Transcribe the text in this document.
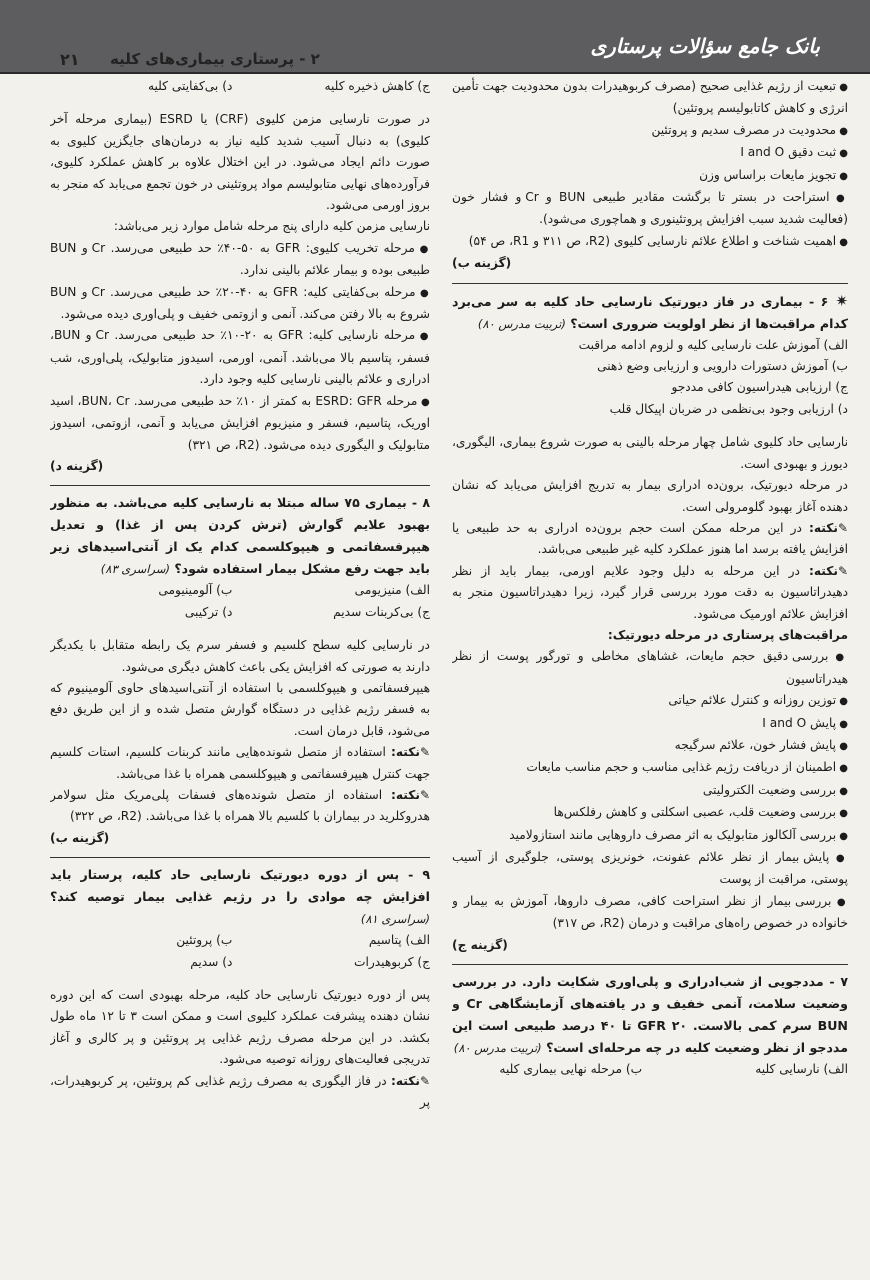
بانک جامع سؤالات پرستاری
۲ - پرستاری بیماری‌های کلیه
۲۱

● تبعیت از رژیم غذایی صحیح (مصرف کربوهیدرات بدون محدودیت جهت تأمین انرژی و کاهش کاتابولیسم پروتئین)

● محدودیت در مصرف سدیم و پروتئین

● ثبت دقیق I and O

● تجویز مایعات براساس وزن

● استراحت در بستر تا برگشت مقادیر طبیعی BUN و Cr و فشار خون (فعالیت شدید سبب افزایش پروتئینوری و هماچوری می‌شود).

● اهمیت شناخت و اطلاع علائم نارسایی کلیوی (R2، ص ۳۱۱ و R1، ص ۵۴)

(گزینه ب)

✷ ۶ - بیماری در فاز دیورتیک نارسایی حاد کلیه به سر می‌برد کدام مراقبت‌ها از نظر اولویت ضروری است؟ (تربیت مدرس ۸۰)

الف) آموزش علت نارسایی کلیه و لزوم ادامه مراقبت

ب) آموزش دستورات دارویی و ارزیابی وضع ذهنی

ج) ارزیابی هیدراسیون کافی مددجو

د) ارزیابی وجود بی‌نظمی در ضربان اپیکال قلب

نارسایی حاد کلیوی شامل چهار مرحله بالینی به صورت شروع بیماری، الیگوری، دیورز و بهبودی است.

در مرحله دیورتیک، برون‌ده ادراری بیمار به تدریج افزایش می‌یابد که نشان دهنده آغاز بهبود گلومرولی است.

✎نکته: در این مرحله ممکن است حجم برون‌ده ادراری به حد طبیعی یا افزایش یافته برسد اما هنوز عملکرد کلیه غیر طبیعی می‌باشد.

✎نکته: در این مرحله به دلیل وجود علایم اورمی، بیمار باید از نظر دهیدراتاسیون به دقت مورد بررسی قرار گیرد، زیرا دهیدراتاسیون منجر به افزایش علائم اورمیک می‌شود.

مراقبت‌های پرستاری در مرحله دیورتیک:

● بررسی دقیق حجم مایعات، غشاهای مخاطی و تورگور پوست از نظر هیدراتاسیون

● توزین روزانه و کنترل علائم حیاتی

● پایش I and O

● پایش فشار خون، علائم سرگیجه

● اطمینان از دریافت رژیم غذایی مناسب و حجم مناسب مایعات

● بررسی وضعیت الکترولیتی

● بررسی وضعیت قلب، عصبی اسکلتی و کاهش رفلکس‌ها

● بررسی آلکالوز متابولیک به اثر مصرف داروهایی مانند استازولامید

● پایش بیمار از نظر علائم عفونت، خونریزی پوستی، جلوگیری از آسیب پوستی، مراقبت از پوست

● بررسی بیمار از نظر استراحت کافی، مصرف داروها، آموزش به بیمار و خانواده در خصوص راه‌های مراقبت و درمان (R2، ص ۳۱۷)

(گزینه ج)

۷ - مددجویی از شب‌ادراری و پلی‌اوری شکایت دارد. در بررسی وضعیت سلامت، آنمی خفیف و در یافته‌های آزمایشگاهی Cr و BUN سرم کمی بالاست. GFR ۲۰ تا ۴۰ درصد طبیعی است این مددجو از نظر وضعیت کلیه در چه مرحله‌ای است؟ (تربیت مدرس ۸۰)

الف) نارسایی کلیه
ب) مرحله نهایی بیماری کلیه
ج) کاهش ذخیره کلیه
د) بی‌کفایتی کلیه

در صورت نارسایی مزمن کلیوی (CRF) یا ESRD (بیماری مرحله آخر کلیوی) به دنبال آسیب شدید کلیه نیاز به درمان‌های جایگزین کلیوی به صورت دائم ایجاد می‌شود. در این اختلال علاوه بر کاهش عملکرد کلیوی، فرآورده‌های نهایی متابولیسم مواد پروتئینی در خون تجمع می‌یابد که منجر به بروز اورمی می‌شود.

نارسایی مزمن کلیه دارای پنج مرحله شامل موارد زیر می‌باشد:

● مرحله تخریب کلیوی: GFR به ۵۰-۴۰٪ حد طبیعی می‌رسد. Cr و BUN طبیعی بوده و بیمار علائم بالینی ندارد.

● مرحله بی‌کفایتی کلیه: GFR به ۴۰-۲۰٪ حد طبیعی می‌رسد. Cr و BUN شروع به بالا رفتن می‌کند. آنمی و ازوتمی خفیف و پلی‌اوری دیده می‌شود.

● مرحله نارسایی کلیه: GFR به ۲۰-۱۰٪ حد طبیعی می‌رسد. Cr و BUN، فسفر، پتاسیم بالا می‌باشد. آنمی، اورمی، اسیدوز متابولیک، پلی‌اوری، شب ادراری و علائم بالینی نارسایی کلیه وجود دارد.

● مرحله ESRD: GFR به کمتر از ۱۰٪ حد طبیعی می‌رسد. BUN، Cr، اسید اوریک، پتاسیم، فسفر و منیزیوم افزایش می‌یابد و آنمی، ازوتمی، اسیدوز متابولیک و الیگوری دیده می‌شود. (R2، ص ۳۲۱)

(گزینه د)

۸ - بیماری ۷۵ ساله مبتلا به نارسایی کلیه می‌باشد. به منظور بهبود علایم گوارش (ترش کردن پس از غذا) و تعدیل هیپرفسفاتمی و هیپوکلسمی کدام یک از آنتی‌اسیدهای زیر باید جهت رفع مشکل بیمار استفاده شود؟ (سراسری ۸۳)

الف) منیزیومی
ب) آلومینیومی
ج) بی‌کربنات سدیم
د) ترکیبی

در نارسایی کلیه سطح کلسیم و فسفر سرم یک رابطه متقابل با یکدیگر دارند به صورتی که افزایش یکی باعث کاهش دیگری می‌شود.

هیپرفسفاتمی و هیپوکلسمی با استفاده از آنتی‌اسیدهای حاوی آلومینیوم که به فسفر رژیم غذایی در دستگاه گوارش متصل شده و از این طریق دفع می‌شود، قابل درمان است.

✎نکته: استفاده از متصل شونده‌هایی مانند کربنات کلسیم، استات کلسیم جهت کنترل هیپرفسفاتمی و هیپوکلسمی همراه با غذا می‌باشد.

✎نکته: استفاده از متصل شونده‌های فسفات پلی‌مریک مثل سولامر هدروکلرید در بیماران با کلسیم بالا همراه با غذا می‌باشد. (R2، ص ۳۲۲)

(گزینه ب)

۹ - پس از دوره دیورتیک نارسایی حاد کلیه، پرستار باید افزایش چه موادی را در رژیم غذایی بیمار توصیه کند؟ (سراسری ۸۱)

الف) پتاسیم
ب) پروتئین
ج) کربوهیدرات
د) سدیم

پس از دوره دیورتیک نارسایی حاد کلیه، مرحله بهبودی است که این دوره نشان دهنده پیشرفت عملکرد کلیوی است و ممکن است ۳ تا ۱۲ ماه طول بکشد. در این مرحله مصرف رژیم غذایی پر پروتئین و پر کالری و آغاز تدریجی فعالیت‌های روزانه توصیه می‌شود.

✎نکته: در فاز الیگوری به مصرف رژیم غذایی کم پروتئین، پر کربوهیدرات، پر
